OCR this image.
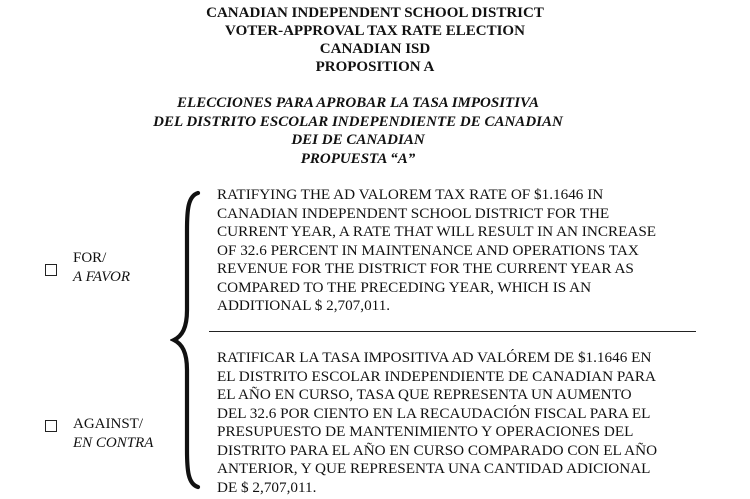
CANADIAN INDEPENDENT SCHOOL DISTRICT
VOTER-APPROVAL TAX RATE ELECTION
CANADIAN ISD
PROPOSITION A
ELECCIONES PARA APROBAR LA TASA IMPOSITIVA
DEL DISTRITO ESCOLAR INDEPENDIENTE DE CANADIAN
DEI DE CANADIAN
PROPUESTA “A”
FOR/
A FAVOR
AGAINST/
EN CONTRA
RATIFYING THE AD VALOREM TAX RATE OF $1.1646 IN
CANADIAN INDEPENDENT SCHOOL DISTRICT FOR THE
CURRENT YEAR, A RATE THAT WILL RESULT IN AN INCREASE
OF 32.6 PERCENT IN MAINTENANCE AND OPERATIONS TAX
REVENUE FOR THE DISTRICT FOR THE CURRENT YEAR AS
COMPARED TO THE PRECEDING YEAR, WHICH IS AN
ADDITIONAL $ 2,707,011.
RATIFICAR LA TASA IMPOSITIVA AD VALÓREM DE $1.1646 EN
EL DISTRITO ESCOLAR INDEPENDIENTE DE CANADIAN PARA
EL AÑO EN CURSO, TASA QUE REPRESENTA UN AUMENTO
DEL 32.6 POR CIENTO EN LA RECAUDACIÓN FISCAL PARA EL
PRESUPUESTO DE MANTENIMIENTO Y OPERACIONES DEL
DISTRITO PARA EL AÑO EN CURSO COMPARADO CON EL AÑO
ANTERIOR, Y QUE REPRESENTA UNA CANTIDAD ADICIONAL
DE $ 2,707,011.
